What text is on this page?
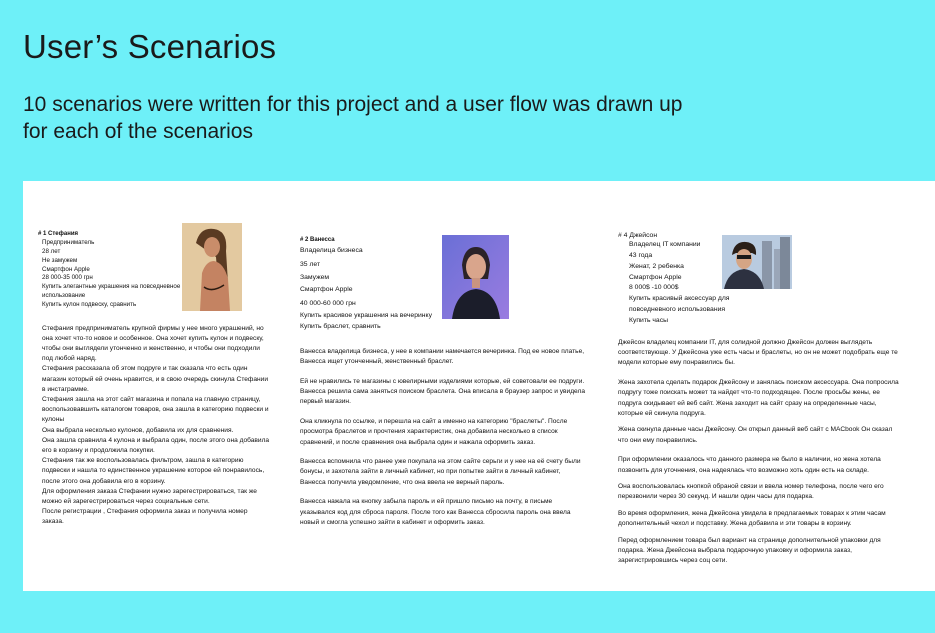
User’s Scenarios
10 scenarios were written for this project and a user flow was drawn up for each of the scenarios
# 1 Стефания
Предприниматель
28 лет
Не замужем
Смартфон Apple
28 000-35 000 грн
Купить элегантные украшения на повседневное
использование
Купить кулон подвеску, сравнить

Стефания предприниматель крупной фирмы у нее много украшений, но она хочет что-то новое и особенное. Она хочет купить кулон и подвеску, чтобы они выглядели утонченно и женственно, и чтобы они подходили под любой наряд.

Стефания рассказала об этом подруге и так сказала что есть один магазин который ей очень нравится, и в свою очередь скинула Стефании в инстаграмме.

Стефания зашла на этот сайт магазина и попала на главную страницу, воспользовавшить каталогом товаров, она зашла в категорию подвески и кулоны

Она выбрала несколько кулонов, добавила их для сравнения.

Она зашла сравнила 4 кулона и выбрала один, после этого она добавила его в корзину и продолжила покупки.

Стефания так же воспользовалась фильтром, зашла в категорию подвески и нашла то единственное украшение которое ей понравилось, после этого она добавила его в корзину.

Для оформления заказа Стефании нужно зарегестрироваться, так же можно ей зарегестрироваться через социальные сети.

После регистрации , Стефания оформила заказ и получила номер заказа.

# 2 Ванесса
Владелица бизнеса
35 лет
Замужем
Смартфон Apple
40 000-60 000 грн
Купить красивое украшения на вечеринку
Купить браслет, сравнить

Ванесса владелица бизнеса, у нее в компании намечается вечеринка. Под ее новое платье, Ванесса ищет утонченный, женственный браслет.

Ей не нравились те магазины с ювелирными изделиями которые, ей советовали ее подруги. Ванесса решила сама заняться поиском браслета. Она вписала в браузер запрос и увидела первый магазин.

Она кликнула по ссылке, и перешла на сайт а именно на категорию "браслеты". После просмотра браслетов и прочтения характеристик, она добавила несколько в список сравнений, и после сравнения она выбрала один и нажала оформить заказ.

Ванесса вспомнила что ранее уже покупала на этом сайте серьги и у нее на её счету были бонусы, и захотела зайти в личный кабинет, но при попытке зайти в личный кабинет, Ванесса получила уведомление, что она ввела не верный пароль.

Ванесса нажала на кнопку забыла пароль и ей пришло письмо на почту, в письме указывался код для сброса пароля. После того как Ванесса сбросила пароль она ввела новый и смогла успешно зайти в кабинет и оформить заказ.

# 4 Джейсон
Владелец IT компании
43 года
Женат, 2 ребенка
Смартфон Apple
8 000$ -10 000$
Купить красивый аксессуар для
повседневного использования
Купить часы

Джейсон владелец компании IT, для солидной должно Джейсон должен выглядеть соответствующе. У Джейсона уже есть часы и браслеты, но он не может подобрать еще те модели которые ему понравились бы.

Жена захотела сделать подарок Джейсону и занялась поиском аксессуара. Она попросила подругу тоже поискать может та найдет что-то подходящее. После просьбы жены, ее подруга скидывает ей веб сайт. Жена заходит на сайт сразу на определенные часы, которые ей скинула подруга.

Жена скинула данные часы Джейсону. Он открыл данный веб сайт с MACbook Он сказал что они ему понравились.

При оформлении оказалось что данного размера не было в наличии, но жена хотела позвонить для уточнения, она надеялась что возможно хоть один есть на складе.

Она воспользовалась кнопкой обраной связи и ввела номер телефона, после чего его перезвонили через 30 секунд. И нашли один часы для подарка.

Во время оформления, жена Джейсона увидела в предлагаемых товарах к этим часам дополнительный чехол и подставку. Жена добавила и эти товары в корзину.

Перед оформлением товара был вариант на странице дополнительной упаковки для подарка. Жена Джейсона выбрала подарочную упаковку и оформила заказ, зарегистрировшись через соц сети.
